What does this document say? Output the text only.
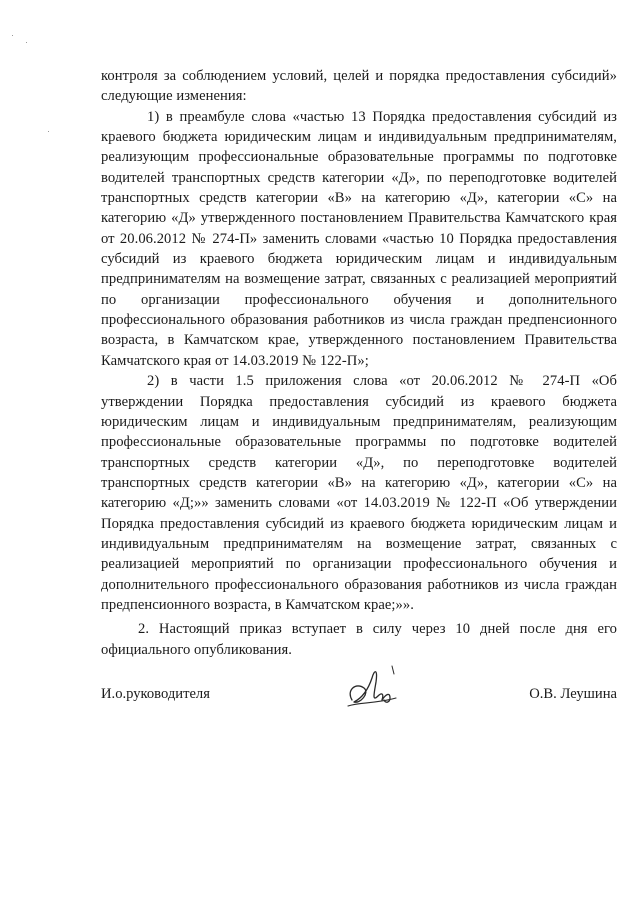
контроля за соблюдением условий, целей и порядка предоставления субсидий» следующие изменения:

1) в преамбуле слова «частью 13 Порядка предоставления субсидий из краевого бюджета юридическим лицам и индивидуальным предпринимателям, реализующим профессиональные образовательные программы по подготовке водителей транспортных средств категории «Д», по переподготовке водителей транспортных средств категории «В» на категорию «Д», категории «С» на категорию «Д» утвержденного постановлением Правительства Камчатского края от 20.06.2012 № 274-П» заменить словами «частью 10 Порядка предоставления субсидий из краевого бюджета юридическим лицам и индивидуальным предпринимателям на возмещение затрат, связанных с реализацией мероприятий по организации профессионального обучения и дополнительного профессионального образования работников из числа граждан предпенсионного возраста, в Камчатском крае, утвержденного постановлением Правительства Камчатского края от 14.03.2019 № 122-П»;

2) в части 1.5 приложения слова «от 20.06.2012 № 274-П «Об утверждении Порядка предоставления субсидий из краевого бюджета юридическим лицам и индивидуальным предпринимателям, реализующим профессиональные образовательные программы по подготовке водителей транспортных средств категории «Д», по переподготовке водителей транспортных средств категории «В» на категорию «Д», категории «С» на категорию «Д;»» заменить словами «от 14.03.2019 № 122-П «Об утверждении Порядка предоставления субсидий из краевого бюджета юридическим лицам и индивидуальным предпринимателям на возмещение затрат, связанных с реализацией мероприятий по организации профессионального обучения и дополнительного профессионального образования работников из числа граждан предпенсионного возраста, в Камчатском крае;»».

2. Настоящий приказ вступает в силу через 10 дней после дня его официального опубликования.

И.о.руководителя	О.В. Леушина
